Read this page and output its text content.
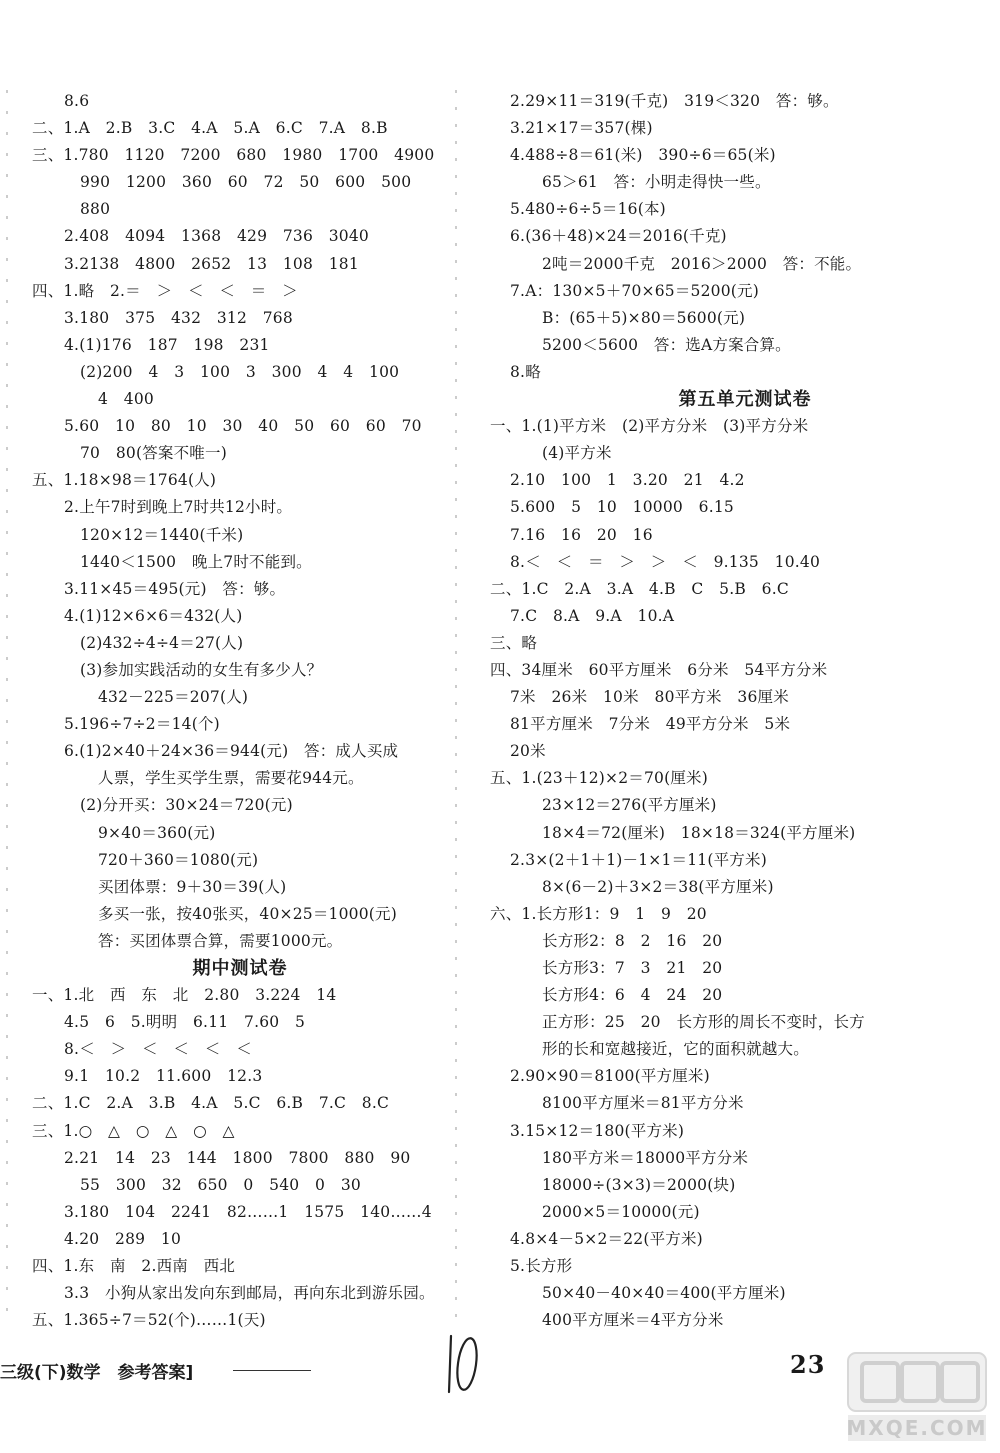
8.6
二、1.A　2.B　3.C　4.A　5.A　6.C　7.A　8.B
三、1.780　1120　7200　680　1980　1700　4900
990　1200　360　60　72　50　600　500
880
2.408　4094　1368　429　736　3040
3.2138　4800　2652　13　108　181
四、1.略　2.＝　＞　＜　＜　＝　＞
3.180　375　432　312　768
4.(1)176　187　198　231
(2)200　4　3　100　3　300　4　4　100
4　400
5.60　10　80　10　30　40　50　60　60　70
70　80(答案不唯一)
五、1.18×98＝1764(人)
2.上午7时到晚上7时共12小时。
120×12＝1440(千米)
1440＜1500　晚上7时不能到。
3.11×45＝495(元)　答：够。
4.(1)12×6×6＝432(人)
(2)432÷4÷4＝27(人)
(3)参加实践活动的女生有多少人？
432－225＝207(人)
5.196÷7÷2＝14(个)
6.(1)2×40＋24×36＝944(元)　答：成人买成
人票，学生买学生票，需要花944元。
(2)分开买：30×24＝720(元)
9×40＝360(元)
720＋360＝1080(元)
买团体票：9＋30＝39(人)
多买一张，按40张买，40×25＝1000(元)
答：买团体票合算，需要1000元。
期中测试卷
一、1.北　西　东　北　2.80　3.224　14
4.5　6　5.明明　6.11　7.60　5
8.＜　＞　＜　＜　＜　＜
9.1　10.2　11.600　12.3
二、1.C　2.A　3.B　4.A　5.C　6.B　7.C　8.C
三、1.○　△　○　△　○　△
2.21　14　23　144　1800　7800　880　90
55　300　32　650　0　540　0　30
3.180　104　2241　82……1　1575　140……4
4.20　289　10
四、1.东　南　2.西南　西北
3.3　小狗从家出发向东到邮局，再向东北到游乐园。
五、1.365÷7＝52(个)……1(天)
2.29×11＝319(千克)　319＜320　答：够。
3.21×17＝357(棵)
4.488÷8＝61(米)　390÷6＝65(米)
65＞61　答：小明走得快一些。
5.480÷6÷5＝16(本)
6.(36＋48)×24＝2016(千克)
2吨＝2000千克　2016＞2000　答：不能。
7.A：130×5＋70×65＝5200(元)
B：(65＋5)×80＝5600(元)
5200＜5600　答：选A方案合算。
8.略
第五单元测试卷
一、1.(1)平方米　(2)平方分米　(3)平方分米
(4)平方米
2.10　100　1　3.20　21　4.2
5.600　5　10　10000　6.15
7.16　16　20　16
8.＜　＜　＝　＞　＞　＜　9.135　10.40
二、1.C　2.A　3.A　4.B　C　5.B　6.C
7.C　8.A　9.A　10.A
三、略
四、34厘米　60平方厘米　6分米　54平方分米
7米　26米　10米　80平方米　36厘米
81平方厘米　7分米　49平方分米　5米
20米
五、1.(23＋12)×2＝70(厘米)
23×12＝276(平方厘米)
18×4＝72(厘米)　18×18＝324(平方厘米)
2.3×(2＋1＋1)－1×1＝11(平方米)
8×(6－2)＋3×2＝38(平方厘米)
六、1.长方形1：9　1　9　20
长方形2：8　2　16　20
长方形3：7　3　21　20
长方形4：6　4　24　20
正方形：25　20　长方形的周长不变时，长方
形的长和宽越接近，它的面积就越大。
2.90×90＝8100(平方厘米)
8100平方厘米＝81平方分米
3.15×12＝180(平方米)
180平方米＝18000平方分米
18000÷(3×3)＝2000(块)
2000×5＝10000(元)
4.8×4－5×2＝22(平方米)
5.长方形
50×40－40×40＝400(平方厘米)
400平方厘米＝4平方分米
三级(下)数学　参考答案]	23
MXQE.COM
